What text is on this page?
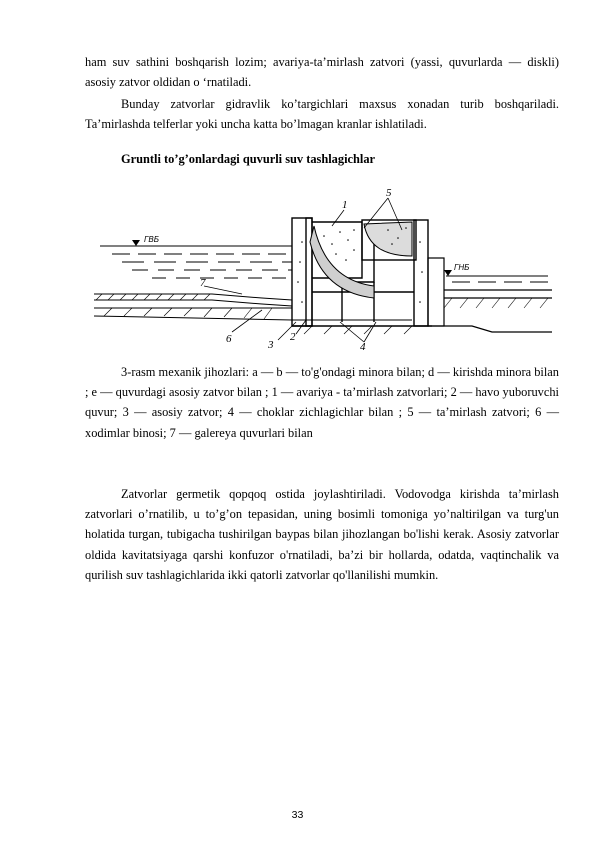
ham suv sathini boshqarish lozim; avariya-ta’mirlash zatvori (yassi, quvurlarda — diskli) asosiy zatvor oldidan o ‘rnatiladi.

Bunday zatvorlar gidravlik ko’targichlari maxsus xonadan turib boshqariladi. Ta’mirlashda telferlar yoki uncha katta bo’lmagan kranlar ishlatiladi.

Gruntli to’g’onlardagi quvurli suv tashlagichlar

1
5
7
6	3
2
4
ГВБ
ГНБ

3-rasm mexanik jihozlari: a — b — to'g'ondagi minora bilan; d — kirishda minora bilan ; e — quvurdagi asosiy zatvor bilan ; 1 — avariya - ta’mirlash zatvorlari; 2 — havo yuboruvchi quvur; 3 — asosiy zatvor; 4 — choklar zichlagichlar bilan ; 5 — ta’mirlash zatvori; 6 — xodimlar binosi; 7 — galereya quvurlari bilan

Zatvorlar germetik qopqoq ostida joylashtiriladi. Vodovodga kirishda ta’mirlash zatvorlari o’rnatilib, u to’g’on tepasidan, uning bosimli tomoniga yo’naltirilgan va turg'un holatida turgan, tubigacha tushirilgan baypas bilan jihozlangan bo'lishi kerak. Asosiy zatvorlar oldida kavitatsiyaga qarshi konfuzor o'rnatiladi, ba’zi bir hollarda, odatda, vaqtinchalik va qurilish suv tashlagichlarida ikki qatorli zatvorlar qo'llanilishi mumkin.

33
